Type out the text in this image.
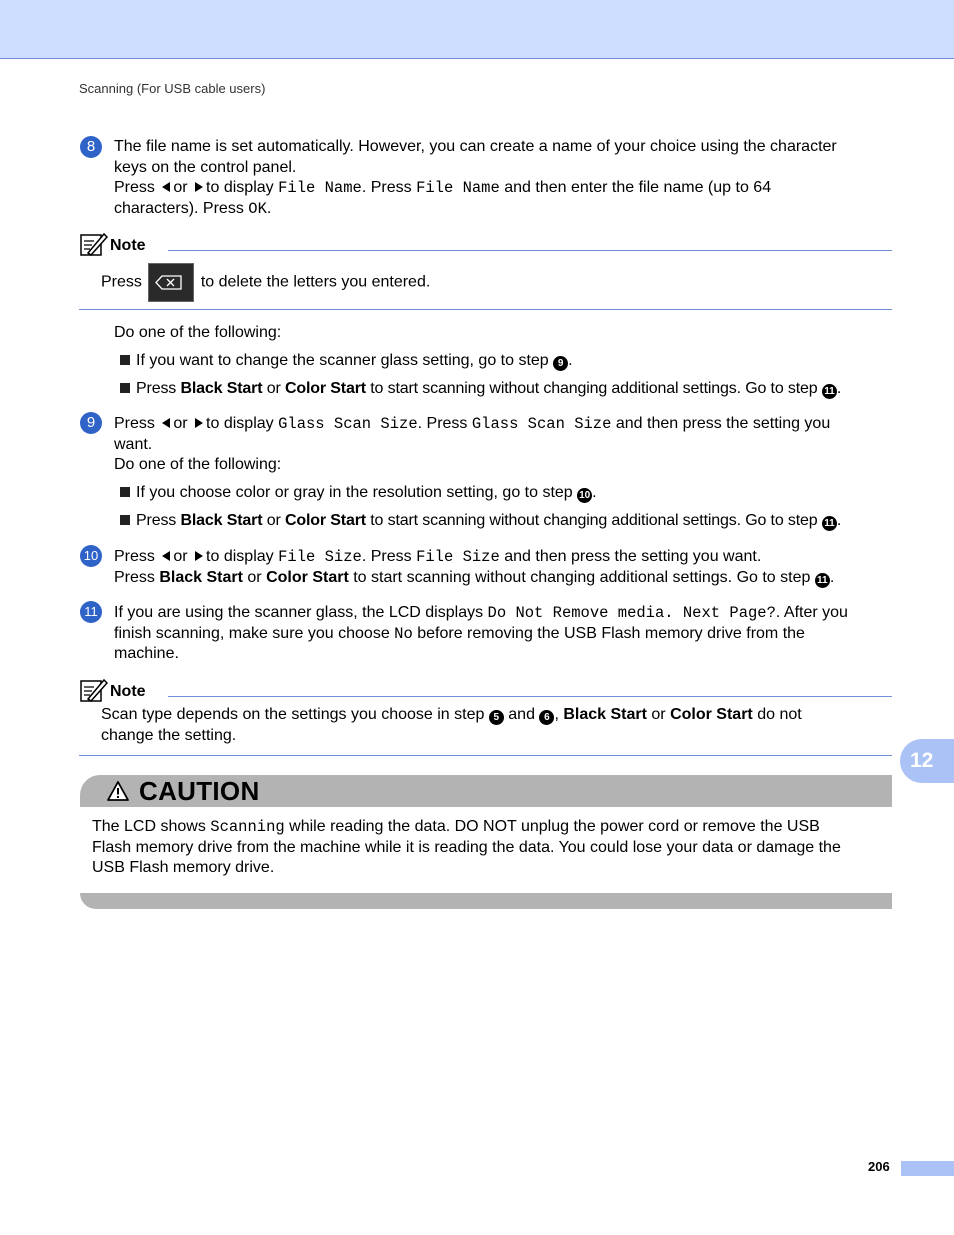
Scanning (For USB cable users)
8	The file name is set automatically. However, you can create a name of your choice using the character
keys on the control panel.
Press or to display File Name. Press File Name and then enter the file name (up to 64
characters). Press OK.
Note
Press	to delete the letters you entered.
Do one of the following:
If you want to change the scanner glass setting, go to step 9 .
Press Black Start or Color Start to start scanning without changing additional settings. Go to step 11 .
9	Press or to display Glass Scan Size. Press Glass Scan Size and then press the setting you
want.
Do one of the following:
If you choose color or gray in the resolution setting, go to step 10 .
Press Black Start or Color Start to start scanning without changing additional settings. Go to step 11 .
10 Press or to display File Size. Press File Size and then press the setting you want.
Press Black Start or Color Start to start scanning without changing additional settings. Go to step 11 .
11 If you are using the scanner glass, the LCD displays Do Not Remove media. Next Page?. After you
finish scanning, make sure you choose No before removing the USB Flash memory drive from the
machine.
Note
Scan type depends on the settings you choose in step 5 and 6 , Black Start or Color Start do not
change the setting.
12
CAUTION
The LCD shows Scanning while reading the data. DO NOT unplug the power cord or remove the USB
Flash memory drive from the machine while it is reading the data. You could lose your data or damage the
USB Flash memory drive.
206
